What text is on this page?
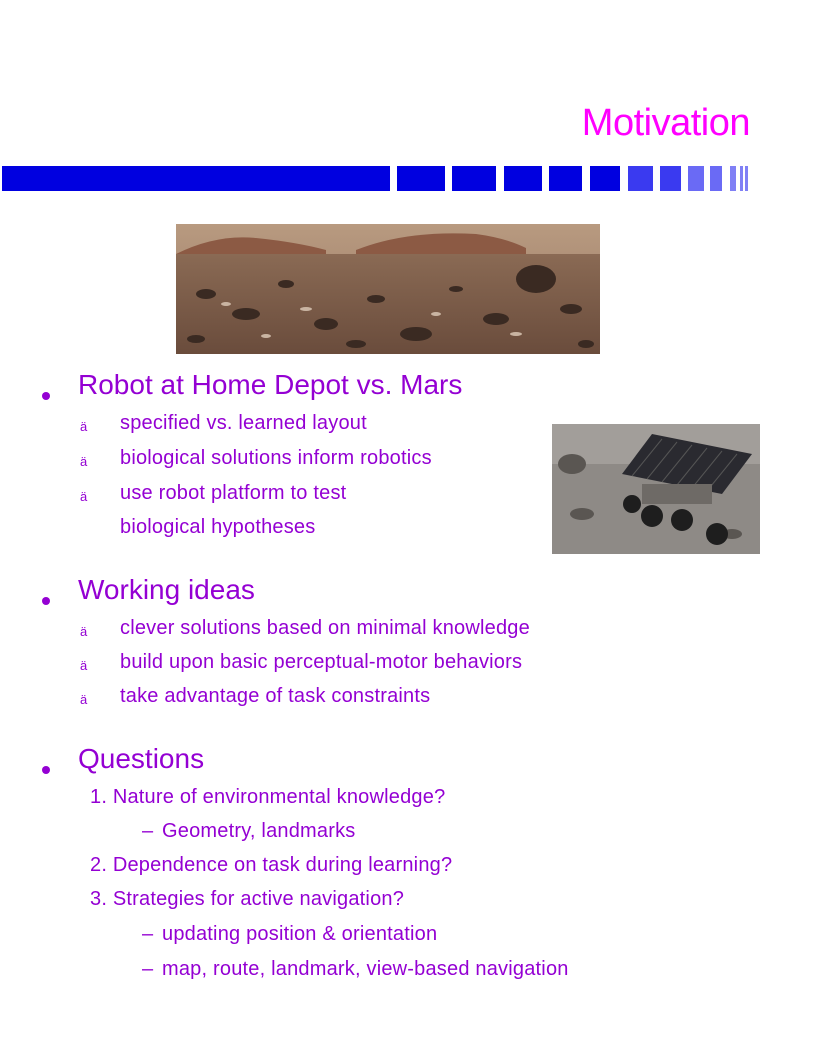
Motivation
Robot at Home Depot vs. Mars
ä specified vs. learned layout
ä biological solutions inform robotics
ä use robot platform to test
biological hypotheses
Working ideas
ä clever solutions based on minimal knowledge
ä build upon basic perceptual-motor behaviors
ä take advantage of task constraints
Questions
1. Nature of environmental knowledge?
– Geometry, landmarks
2. Dependence on task during learning?
3. Strategies for active navigation?
– updating position & orientation
– map, route, landmark, view-based navigation
